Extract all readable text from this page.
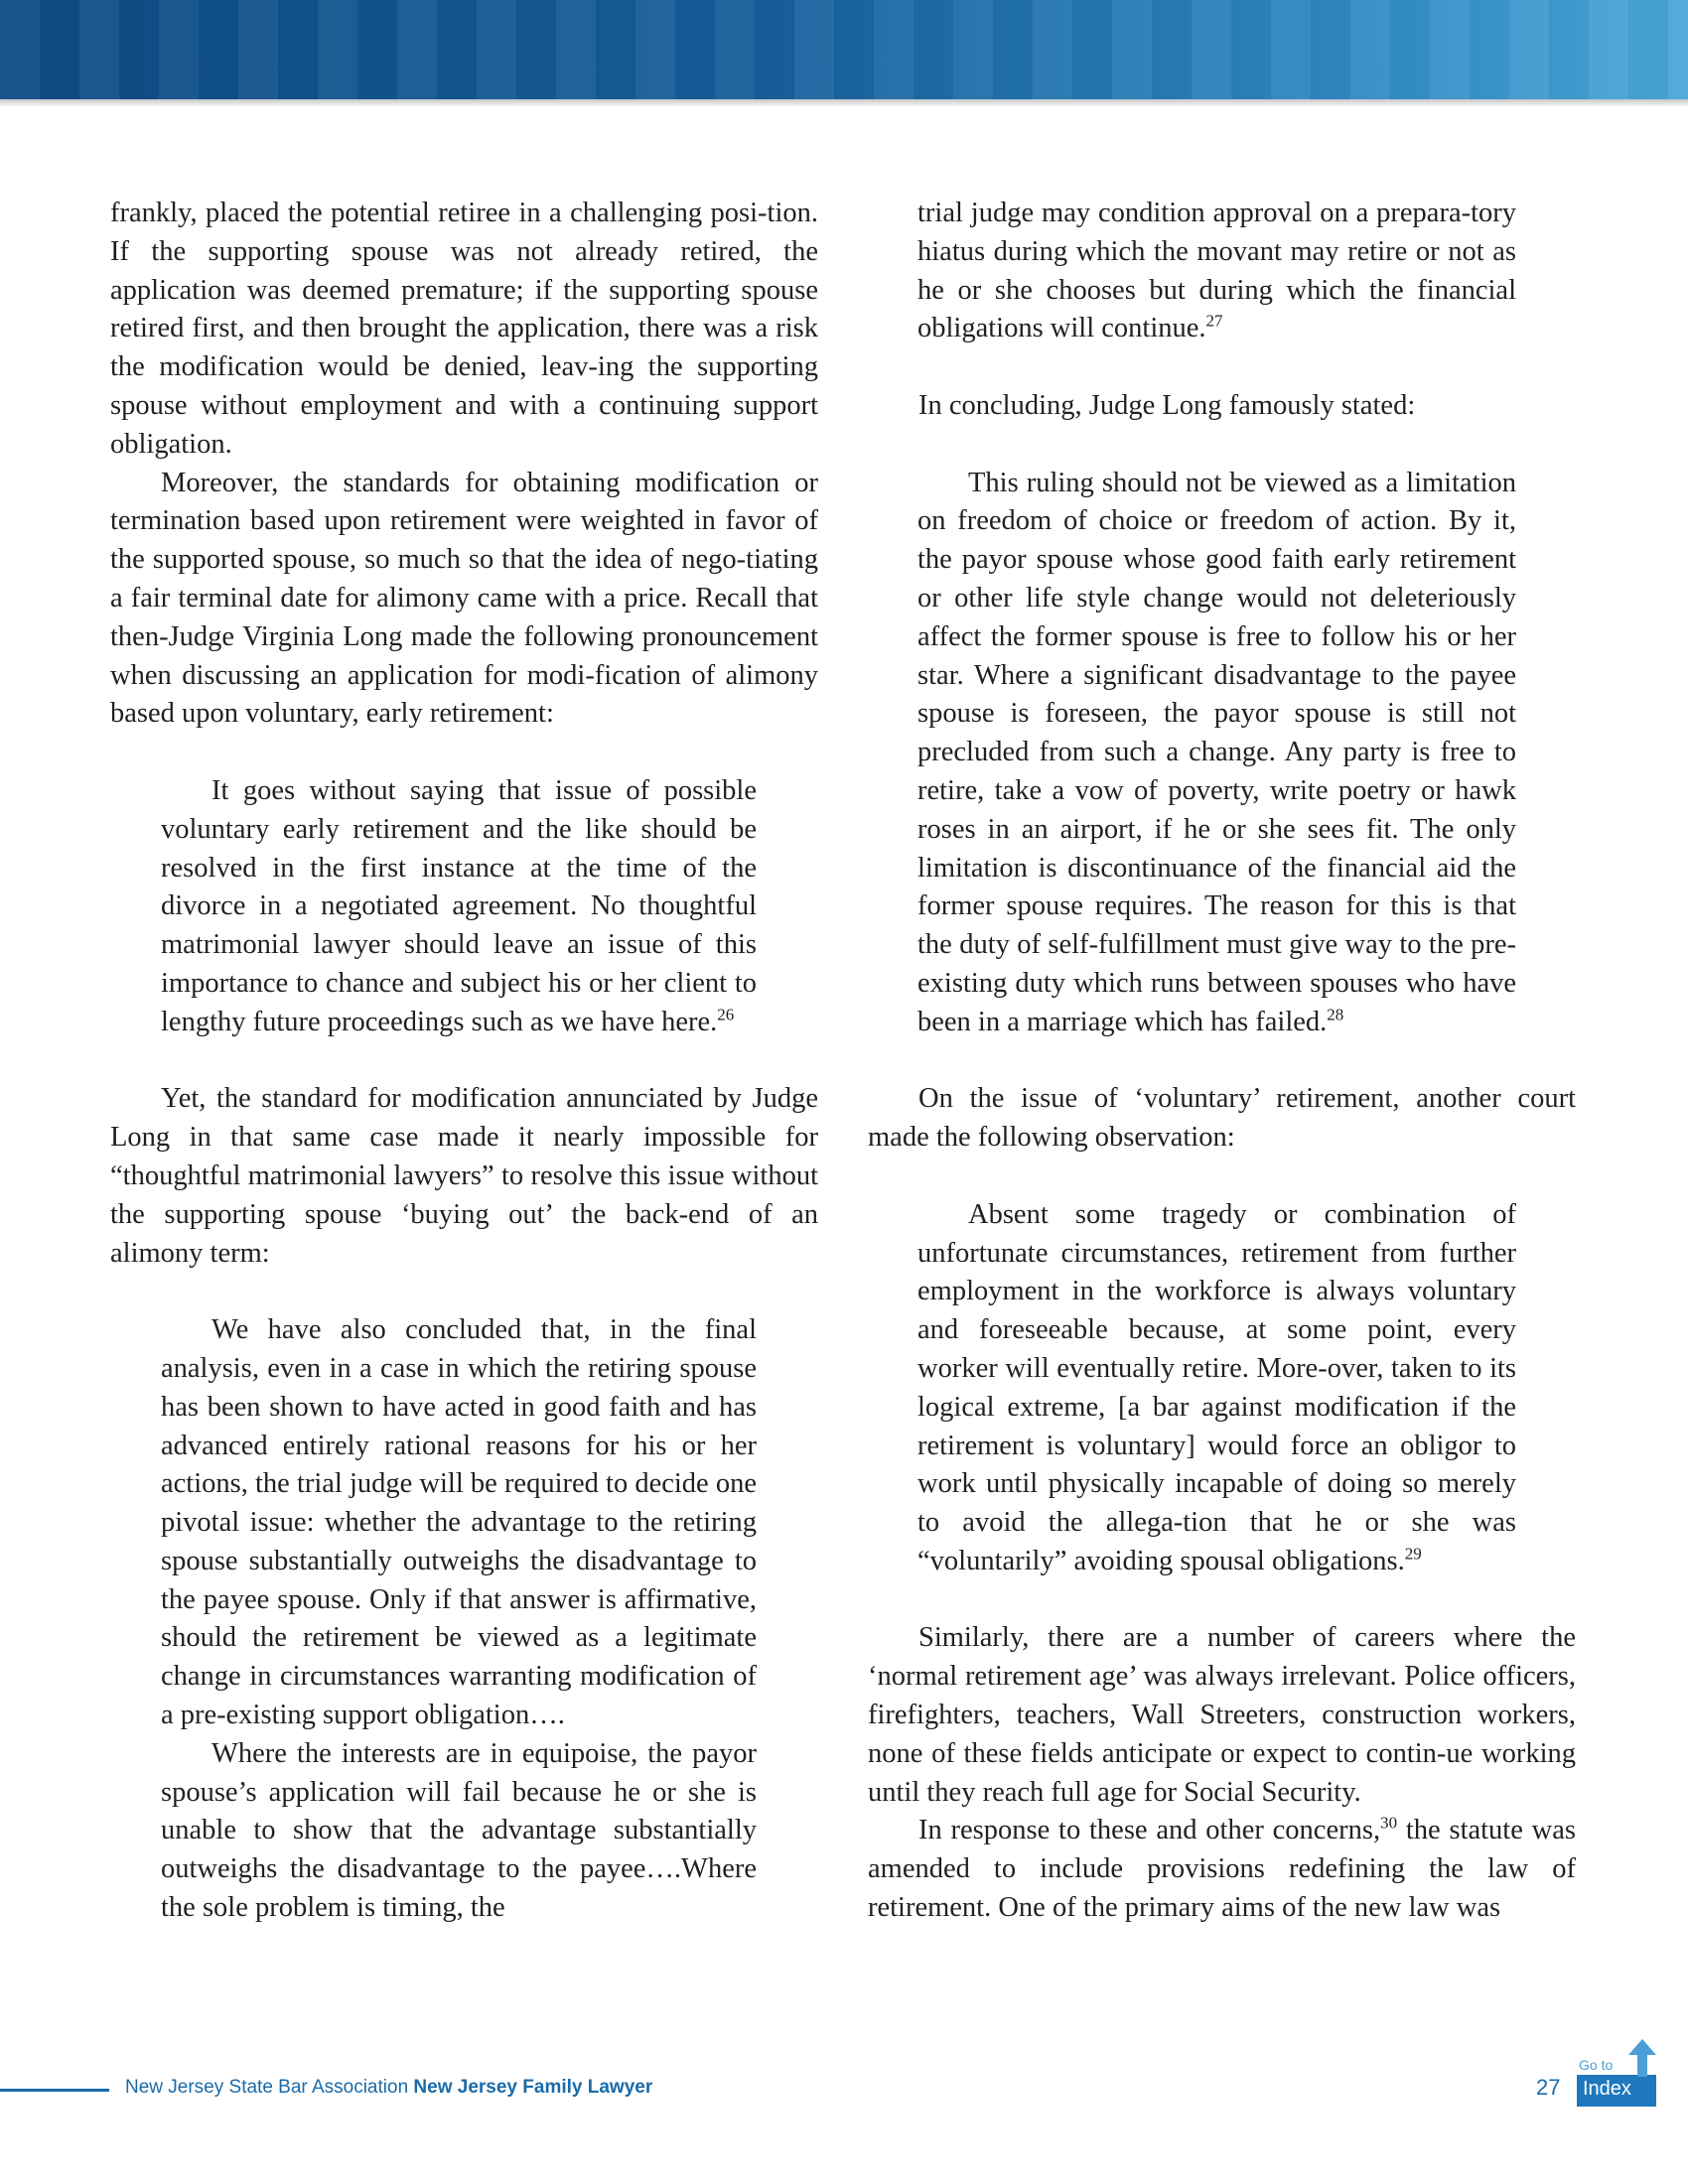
frankly, placed the potential retiree in a challenging posi-tion. If the supporting spouse was not already retired, the application was deemed premature; if the supporting spouse retired first, and then brought the application, there was a risk the modification would be denied, leav-ing the supporting spouse without employment and with a continuing support obligation.

Moreover, the standards for obtaining modification or termination based upon retirement were weighted in favor of the supported spouse, so much so that the idea of nego-tiating a fair terminal date for alimony came with a price. Recall that then-Judge Virginia Long made the following pronouncement when discussing an application for modi-fication of alimony based upon voluntary, early retirement:

It goes without saying that issue of possible voluntary early retirement and the like should be resolved in the first instance at the time of the divorce in a negotiated agreement. No thoughtful matrimonial lawyer should leave an issue of this importance to chance and subject his or her client to lengthy future proceedings such as we have here.$^{26}$

Yet, the standard for modification annunciated by Judge Long in that same case made it nearly impossible for “thoughtful matrimonial lawyers” to resolve this issue without the supporting spouse ‘buying out’ the back-end of an alimony term:

We have also concluded that, in the final analysis, even in a case in which the retiring spouse has been shown to have acted in good faith and has advanced entirely rational reasons for his or her actions, the trial judge will be required to decide one pivotal issue: whether the advantage to the retiring spouse substantially outweighs the disadvantage to the payee spouse. Only if that answer is affirmative, should the retirement be viewed as a legitimate change in circumstances warranting modification of a pre-existing support obligation….

Where the interests are in equipoise, the payor spouse’s application will fail because he or she is unable to show that the advantage substantially outweighs the disadvantage to the payee….Where the sole problem is timing, the

trial judge may condition approval on a prepara-tory hiatus during which the movant may retire or not as he or she chooses but during which the financial obligations will continue.$^{27}$

In concluding, Judge Long famously stated:

This ruling should not be viewed as a limitation on freedom of choice or freedom of action. By it, the payor spouse whose good faith early retirement or other life style change would not deleteriously affect the former spouse is free to follow his or her star. Where a significant disadvantage to the payee spouse is foreseen, the payor spouse is still not precluded from such a change. Any party is free to retire, take a vow of poverty, write poetry or hawk roses in an airport, if he or she sees fit. The only limitation is discontinuance of the financial aid the former spouse requires. The reason for this is that the duty of self-fulfillment must give way to the pre-existing duty which runs between spouses who have been in a marriage which has failed.$^{28}$

On the issue of ‘voluntary’ retirement, another court made the following observation:

Absent some tragedy or combination of unfortunate circumstances, retirement from further employment in the workforce is always voluntary and foreseeable because, at some point, every worker will eventually retire. More-over, taken to its logical extreme, [a bar against modification if the retirement is voluntary] would force an obligor to work until physically incapable of doing so merely to avoid the allega-tion that he or she was “voluntarily” avoiding spousal obligations.$^{29}$

Similarly, there are a number of careers where the ‘normal retirement age’ was always irrelevant. Police officers, firefighters, teachers, Wall Streeters, construction workers, none of these fields anticipate or expect to contin-ue working until they reach full age for Social Security.

In response to these and other concerns,$^{30}$ the statute was amended to include provisions redefining the law of retirement. One of the primary aims of the new law was

New Jersey State Bar Association New Jersey Family Lawyer	27
Go to
Index
